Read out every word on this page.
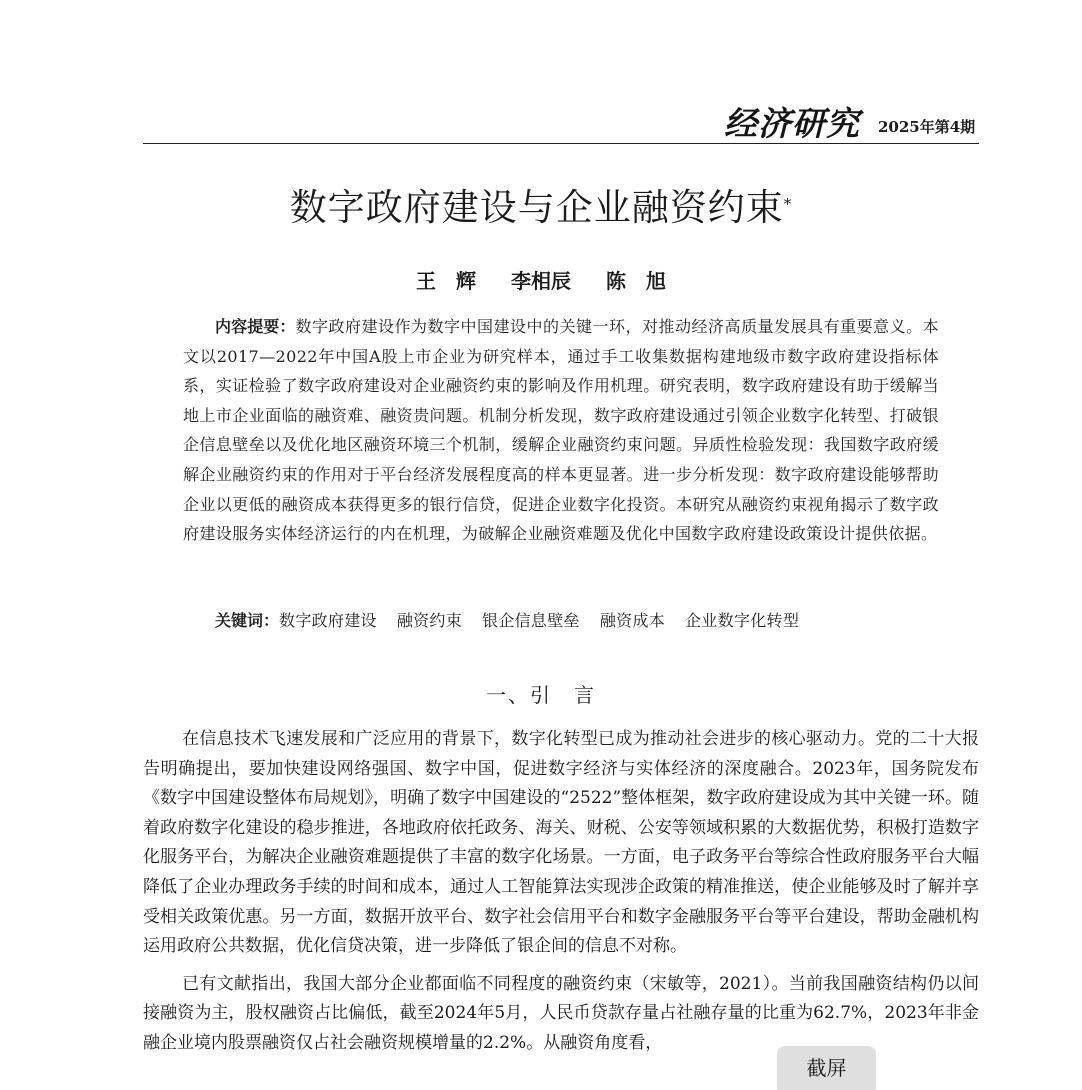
经济研究 2025年第4期
数字政府建设与企业融资约束*
王　辉 李相辰 陈　旭
内容提要：数字政府建设作为数字中国建设中的关键一环，对推动经济高质量发展具有重要意义。本文以2017—2022年中国A股上市企业为研究样本，通过手工收集数据构建地级市数字政府建设指标体系，实证检验了数字政府建设对企业融资约束的影响及作用机理。研究表明，数字政府建设有助于缓解当地上市企业面临的融资难、融资贵问题。机制分析发现，数字政府建设通过引领企业数字化转型、打破银企信息壁垒以及优化地区融资环境三个机制，缓解企业融资约束问题。异质性检验发现：我国数字政府缓解企业融资约束的作用对于平台经济发展程度高的样本更显著。进一步分析发现：数字政府建设能够帮助企业以更低的融资成本获得更多的银行信贷，促进企业数字化投资。本研究从融资约束视角揭示了数字政府建设服务实体经济运行的内在机理，为破解企业融资难题及优化中国数字政府建设政策设计提供依据。
关键词：数字政府建设 融资约束 银企信息壁垒 融资成本 企业数字化转型
一、引　言

在信息技术飞速发展和广泛应用的背景下，数字化转型已成为推动社会进步的核心驱动力。党的二十大报告明确提出，要加快建设网络强国、数字中国，促进数字经济与实体经济的深度融合。2023年，国务院发布《数字中国建设整体布局规划》，明确了数字中国建设的“2522”整体框架，数字政府建设成为其中关键一环。随着政府数字化建设的稳步推进，各地政府依托政务、海关、财税、公安等领域积累的大数据优势，积极打造数字化服务平台，为解决企业融资难题提供了丰富的数字化场景。一方面，电子政务平台等综合性政府服务平台大幅降低了企业办理政务手续的时间和成本，通过人工智能算法实现涉企政策的精准推送，使企业能够及时了解并享受相关政策优惠。另一方面，数据开放平台、数字社会信用平台和数字金融服务平台等平台建设，帮助金融机构运用政府公共数据，优化信贷决策，进一步降低了银企间的信息不对称。

已有文献指出，我国大部分企业都面临不同程度的融资约束（宋敏等，2021）。当前我国融资结构仍以间接融资为主，股权融资占比偏低，截至2024年5月，人民币贷款存量占社融存量的比重为62.7%，2023年非金融企业境内股票融资仅占社会融资规模增量的2.2%。从融资角度看，

截屏
